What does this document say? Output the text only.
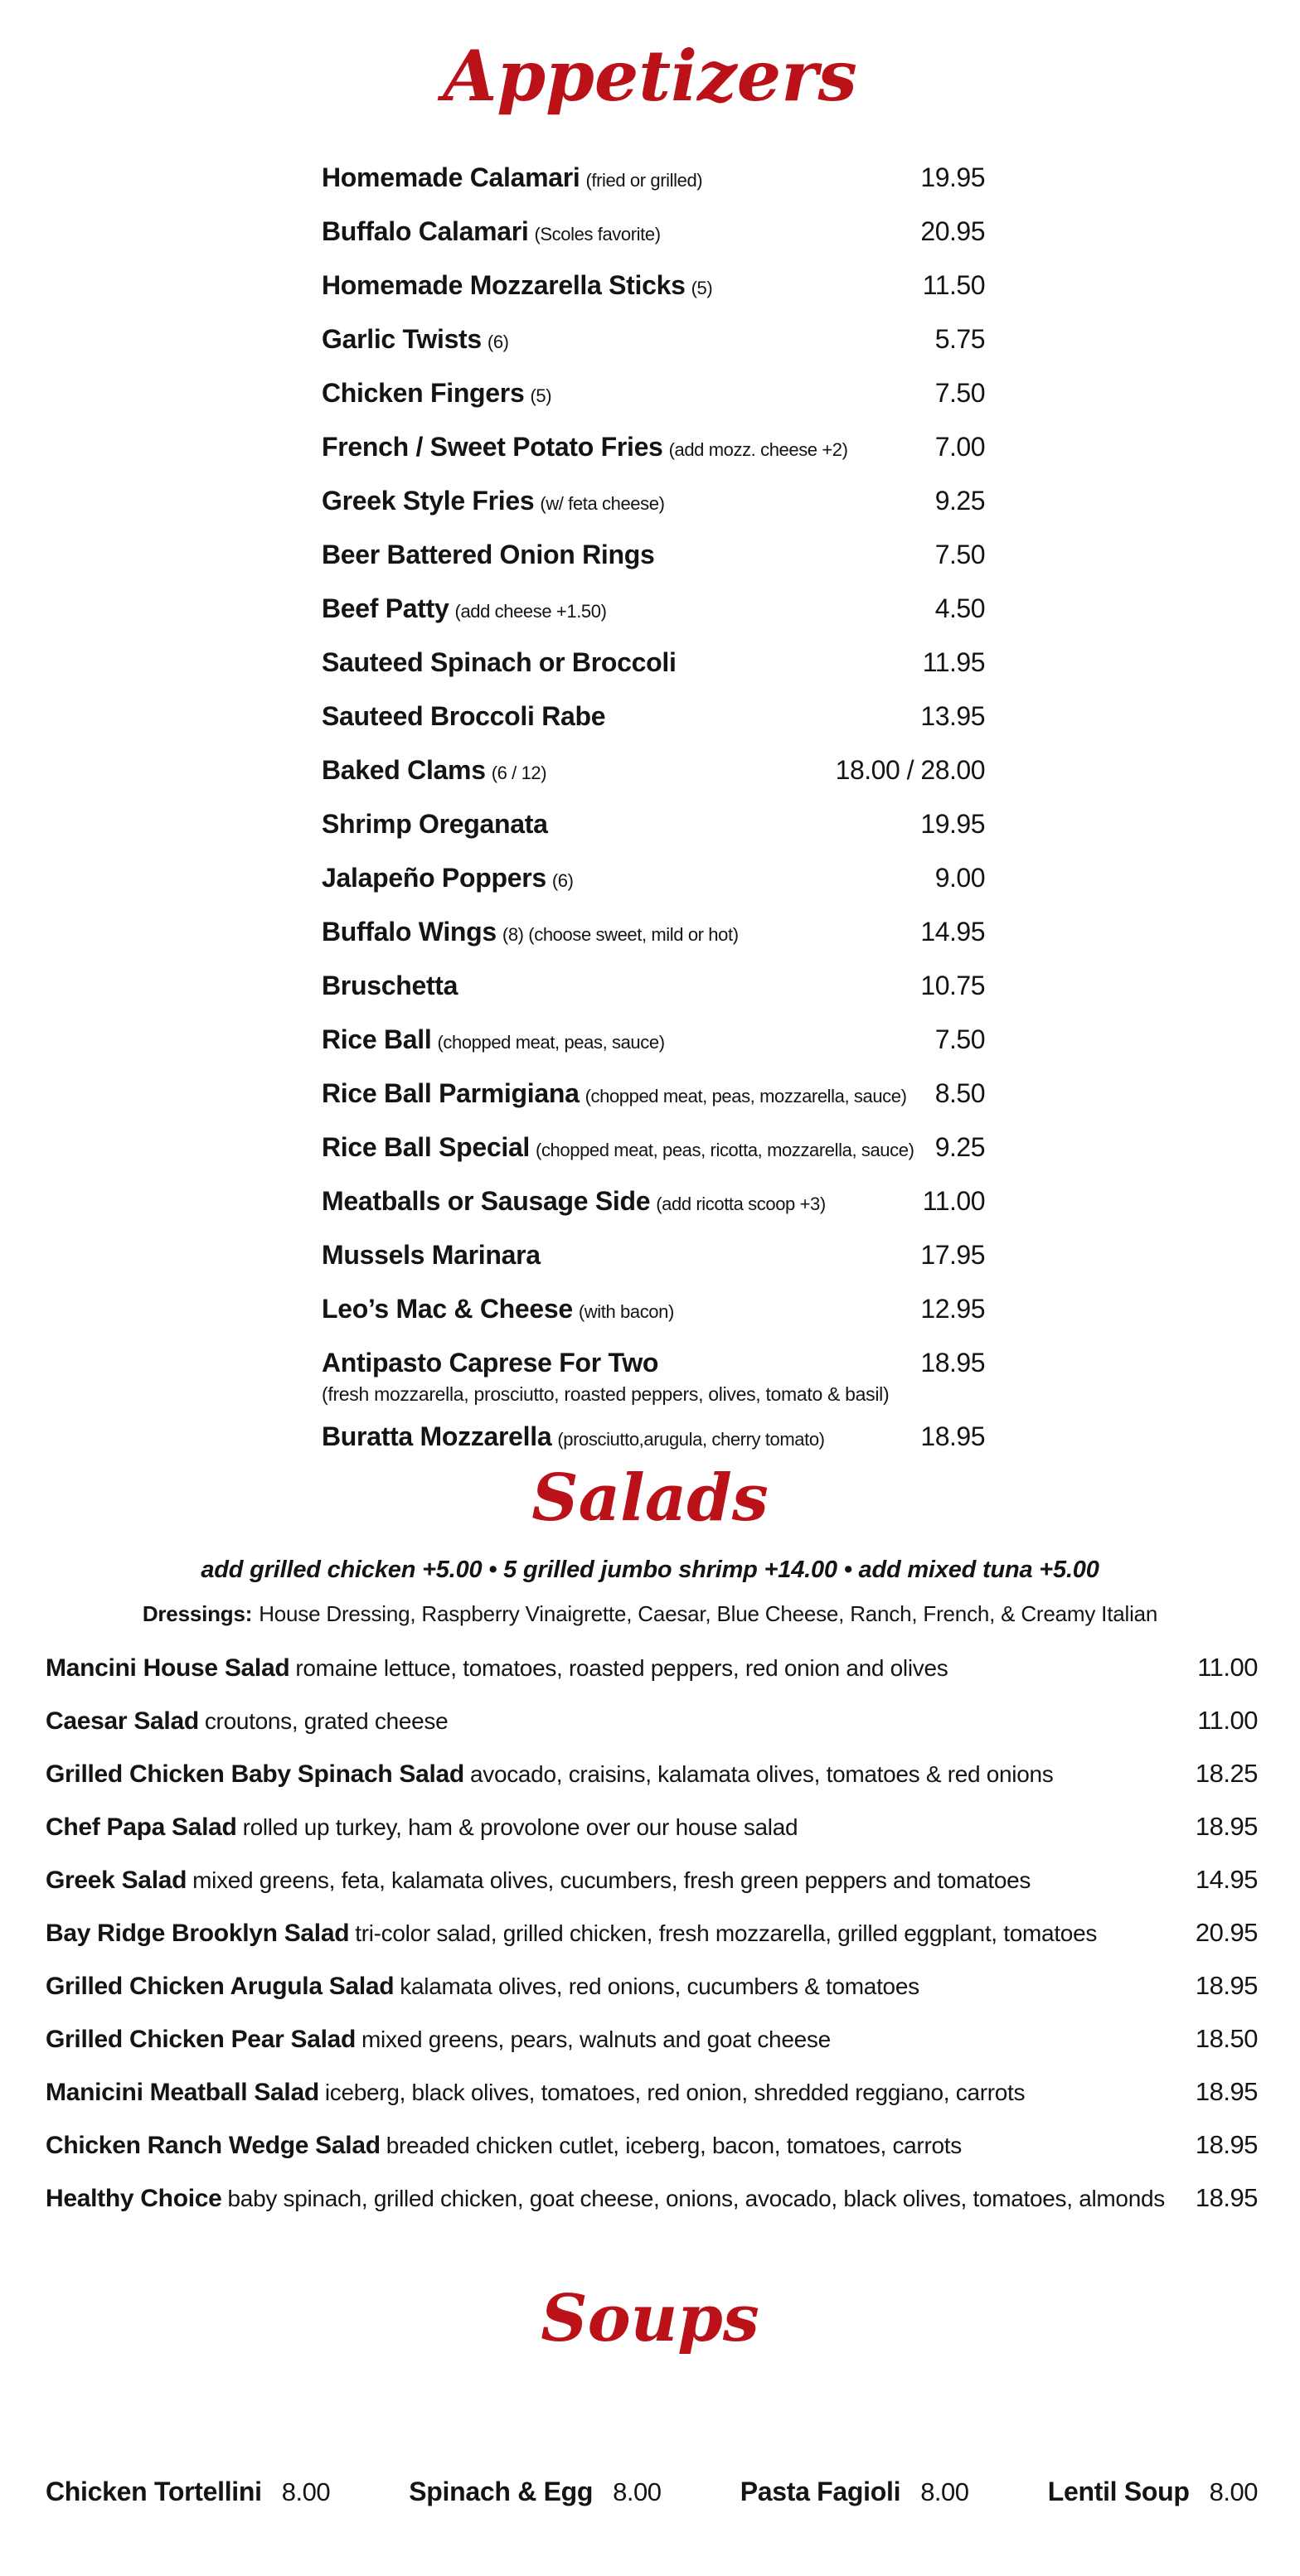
Appetizers
Homemade Calamari (fried or grilled)	19.95
Buffalo Calamari (Scoles favorite)	20.95
Homemade Mozzarella Sticks (5)	11.50
Garlic Twists (6)	5.75
Chicken Fingers (5)	7.50
French / Sweet Potato Fries (add mozz. cheese +2)	7.00
Greek Style Fries (w/ feta cheese)	9.25
Beer Battered Onion Rings	7.50
Beef Patty (add cheese +1.50)	4.50
Sauteed Spinach or Broccoli	11.95
Sauteed Broccoli Rabe	13.95
Baked Clams (6 / 12)	18.00 / 28.00
Shrimp Oreganata	19.95
Jalapeño Poppers (6)	9.00
Buffalo Wings (8) (choose sweet, mild or hot)	14.95
Bruschetta	10.75
Rice Ball (chopped meat, peas, sauce)	7.50
Rice Ball Parmigiana (chopped meat, peas, mozzarella, sauce)	8.50
Rice Ball Special (chopped meat, peas, ricotta, mozzarella, sauce) 9.25
Meatballs or Sausage Side (add ricotta scoop +3)	11.00
Mussels Marinara	17.95
Leo’s Mac & Cheese (with bacon)	12.95
Antipasto Caprese For Two	18.95
(fresh mozzarella, prosciutto, roasted peppers, olives, tomato & basil)
Buratta Mozzarella (prosciutto,arugula, cherry tomato)	18.95
Salads
add grilled chicken +5.00 • 5 grilled jumbo shrimp +14.00 • add mixed tuna +5.00
Dressings: House Dressing, Raspberry Vinaigrette, Caesar, Blue Cheese, Ranch, French, & Creamy Italian
Mancini House Salad romaine lettuce, tomatoes, roasted peppers, red onion and olives	11.00
Caesar Salad croutons, grated cheese	11.00
Grilled Chicken Baby Spinach Salad avocado, craisins, kalamata olives, tomatoes & red onions	18.25
Chef Papa Salad rolled up turkey, ham & provolone over our house salad	18.95
Greek Salad mixed greens, feta, kalamata olives, cucumbers, fresh green peppers and tomatoes	14.95
Bay Ridge Brooklyn Salad tri-color salad, grilled chicken, fresh mozzarella, grilled eggplant, tomatoes	20.95
Grilled Chicken Arugula Salad kalamata olives, red onions, cucumbers & tomatoes	18.95
Grilled Chicken Pear Salad mixed greens, pears, walnuts and goat cheese	18.50
Manicini Meatball Salad iceberg, black olives, tomatoes, red onion, shredded reggiano, carrots	18.95
Chicken Ranch Wedge Salad breaded chicken cutlet, iceberg, bacon, tomatoes, carrots	18.95
Healthy Choice baby spinach, grilled chicken, goat cheese, onions, avocado, black olives, tomatoes, almonds	18.95
Soups
Chicken Tortellini 8.00	Spinach & Egg 8.00	Pasta Fagioli 8.00	Lentil Soup 8.00
